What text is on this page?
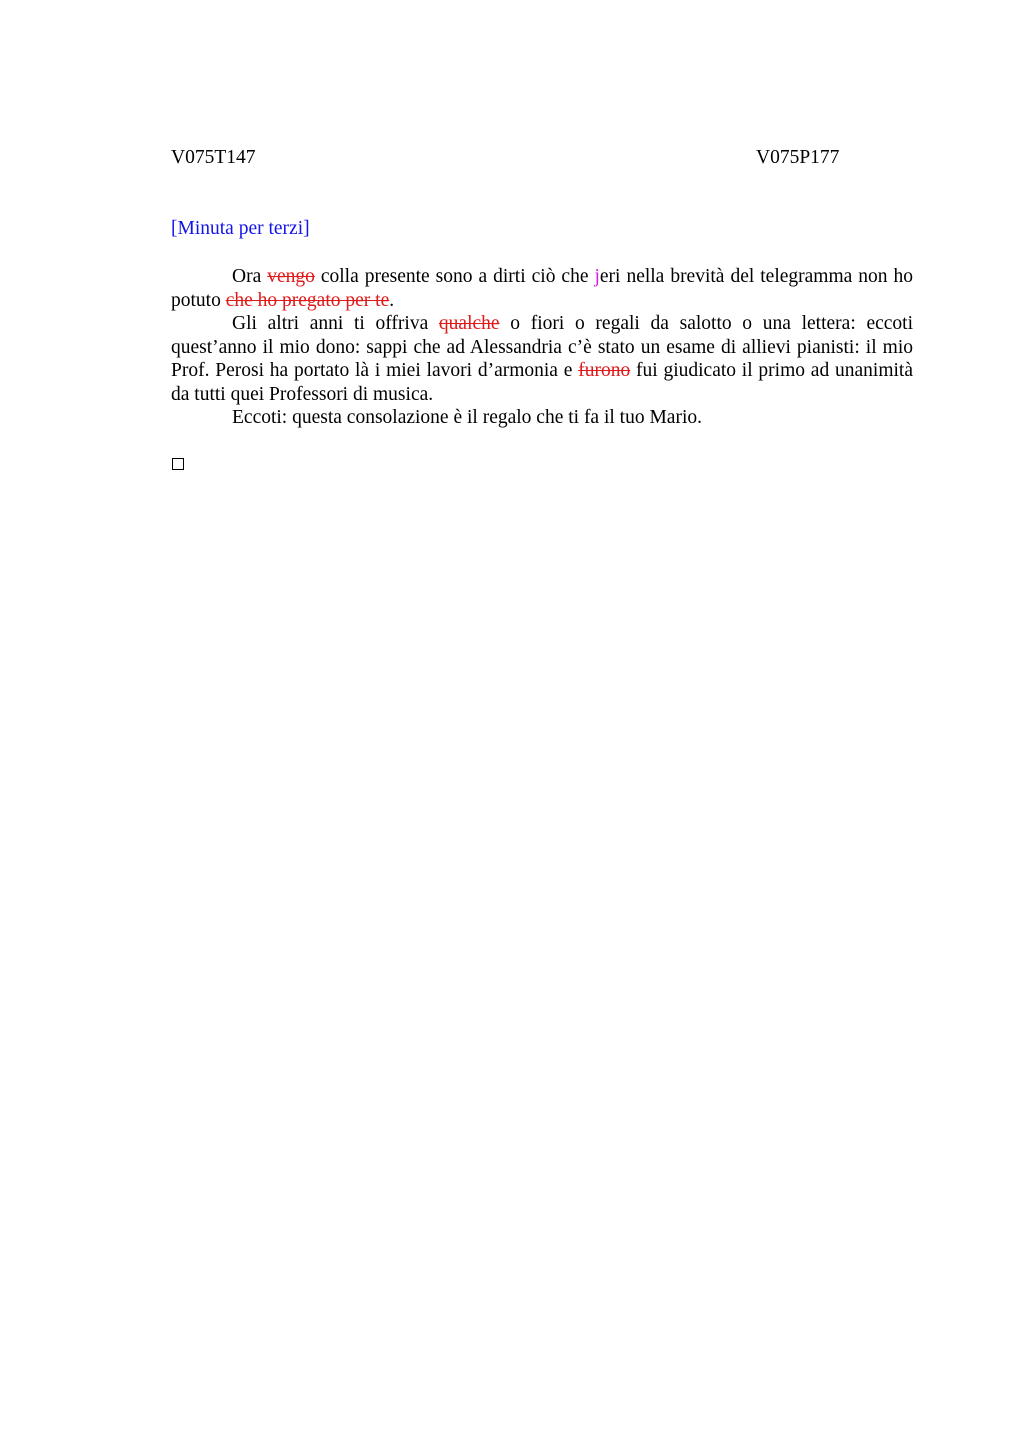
V075T147	V075P177
[Minuta per terzi]

Ora vengo colla presente sono a dirti ciò che jeri nella brevità del telegramma non ho potuto che ho pregato per te.

Gli altri anni ti offriva qualche o fiori o regali da salotto o una lettera: eccoti quest’anno il mio dono: sappi che ad Alessandria c’è stato un esame di allievi pianisti: il mio Prof. Perosi ha portato là i miei lavori d’armonia e furono fui giudicato il primo ad unanimità da tutti quei Professori di musica.

Eccoti: questa consolazione è il regalo che ti fa il tuo Mario.
